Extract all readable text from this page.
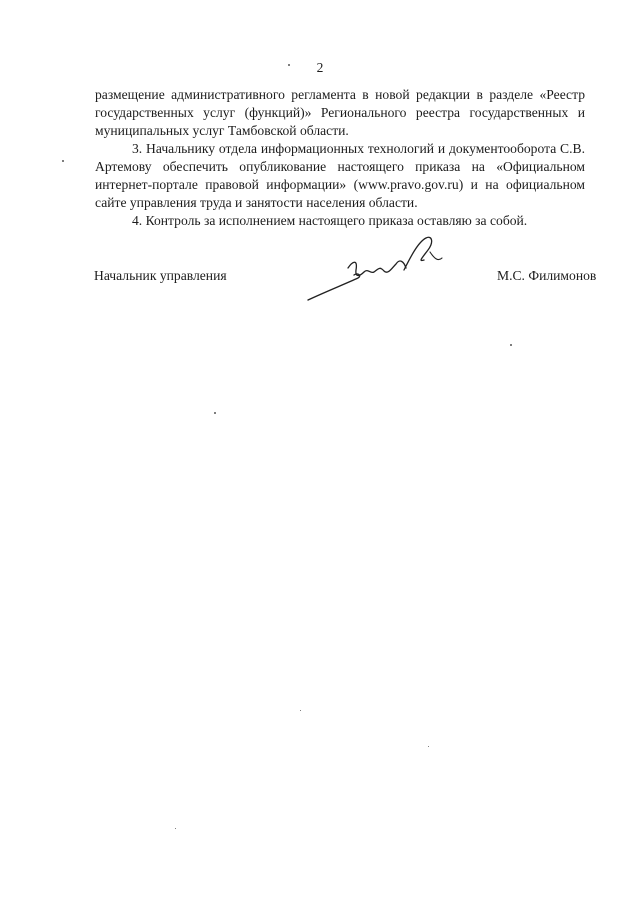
2

размещение административного регламента в новой редакции в разделе «Реестр государственных услуг (функций)» Регионального реестра государственных и муниципальных услуг Тамбовской области.

3. Начальнику отдела информационных технологий и документооборота С.В. Артемову обеспечить опубликование настоящего приказа на «Официальном интернет-портале правовой информации» (www.pravo.gov.ru) и на официальном сайте управления труда и занятости населения области.

4. Контроль за исполнением настоящего приказа оставляю за собой.

Начальник управления	М.С. Филимонов
